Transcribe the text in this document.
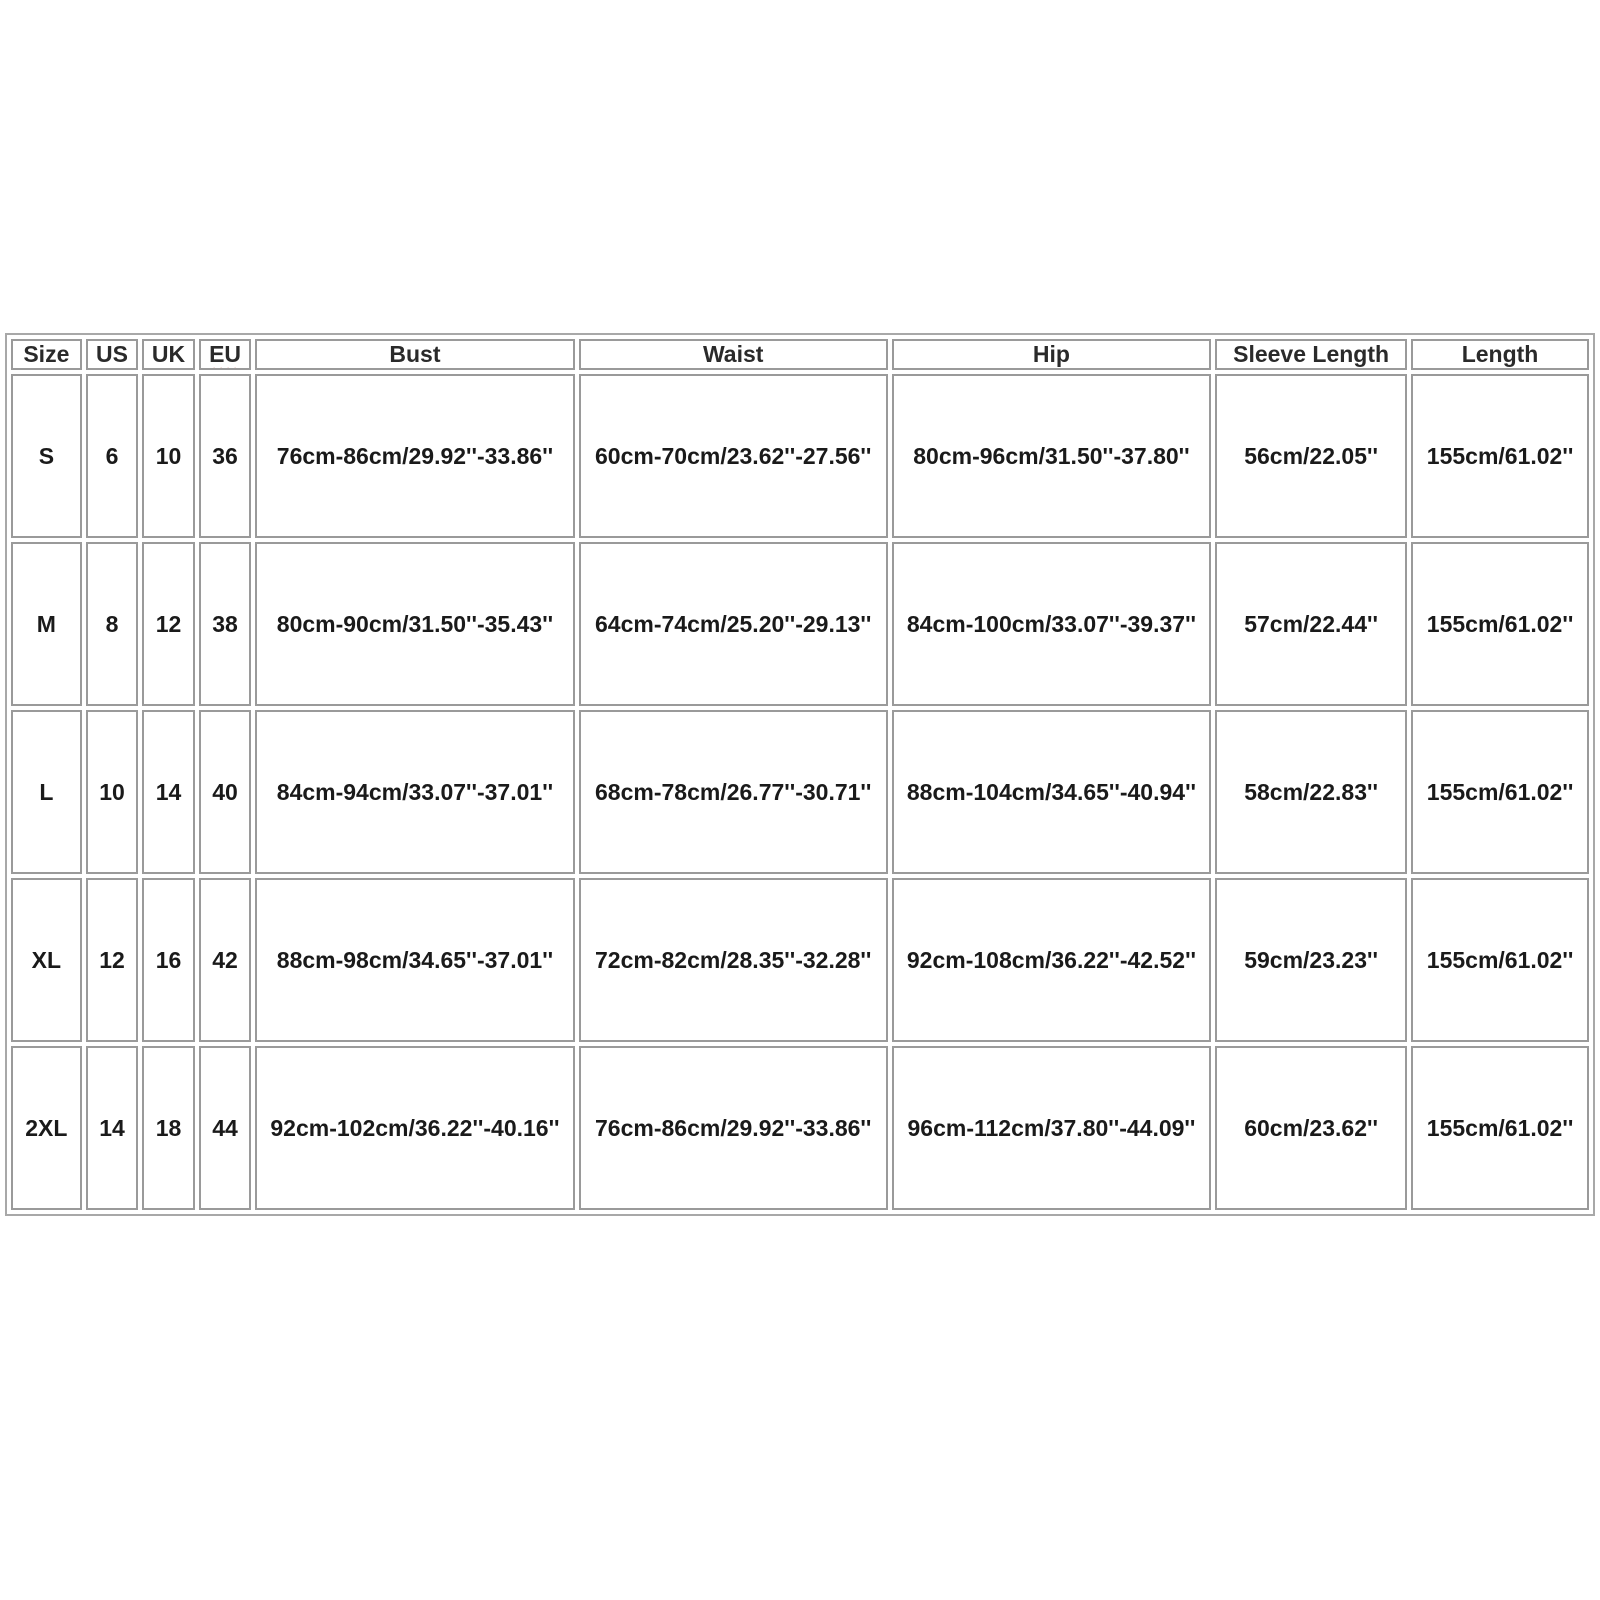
Size	US	UK	EU	Bust	Waist	Hip	Sleeve Length	Length
S	6	10	36	76cm-86cm/29.92''-33.86''	60cm-70cm/23.62''-27.56''	80cm-96cm/31.50''-37.80''	56cm/22.05''	155cm/61.02''
M	8	12	38	80cm-90cm/31.50''-35.43''	64cm-74cm/25.20''-29.13''	84cm-100cm/33.07''-39.37''	57cm/22.44''	155cm/61.02''
L	10	14	40	84cm-94cm/33.07''-37.01''	68cm-78cm/26.77''-30.71''	88cm-104cm/34.65''-40.94''	58cm/22.83''	155cm/61.02''
XL	12	16	42	88cm-98cm/34.65''-37.01''	72cm-82cm/28.35''-32.28''	92cm-108cm/36.22''-42.52''	59cm/23.23''	155cm/61.02''
2XL	14	18	44	92cm-102cm/36.22''-40.16''	76cm-86cm/29.92''-33.86''	96cm-112cm/37.80''-44.09''	60cm/23.62''	155cm/61.02''
